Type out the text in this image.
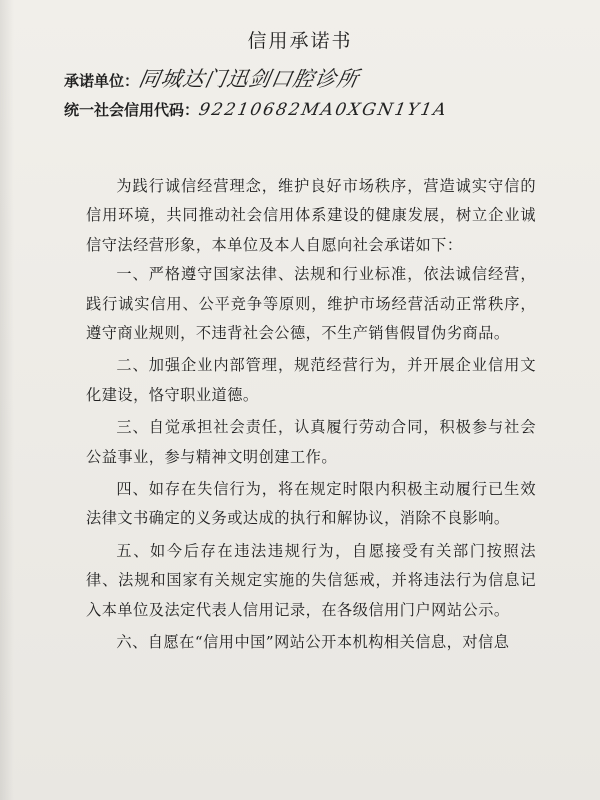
信用承诺书
承诺单位：同城达门迅剑口腔诊所
统一社会信用代码：92210682MA0XGN1Y1A

为践行诚信经营理念，维护良好市场秩序，营造诚实守信的信用环境，共同推动社会信用体系建设的健康发展，树立企业诚信守法经营形象，本单位及本人自愿向社会承诺如下：

一、严格遵守国家法律、法规和行业标准，依法诚信经营，践行诚实信用、公平竞争等原则，维护市场经营活动正常秩序，遵守商业规则，不违背社会公德，不生产销售假冒伪劣商品。

二、加强企业内部管理，规范经营行为，并开展企业信用文化建设，恪守职业道德。

三、自觉承担社会责任，认真履行劳动合同，积极参与社会公益事业，参与精神文明创建工作。

四、如存在失信行为，将在规定时限内积极主动履行已生效法律文书确定的义务或达成的执行和解协议，消除不良影响。

五、如今后存在违法违规行为，自愿接受有关部门按照法律、法规和国家有关规定实施的失信惩戒，并将违法行为信息记入本单位及法定代表人信用记录，在各级信用门户网站公示。

六、自愿在“信用中国”网站公开本机构相关信息，对信息
